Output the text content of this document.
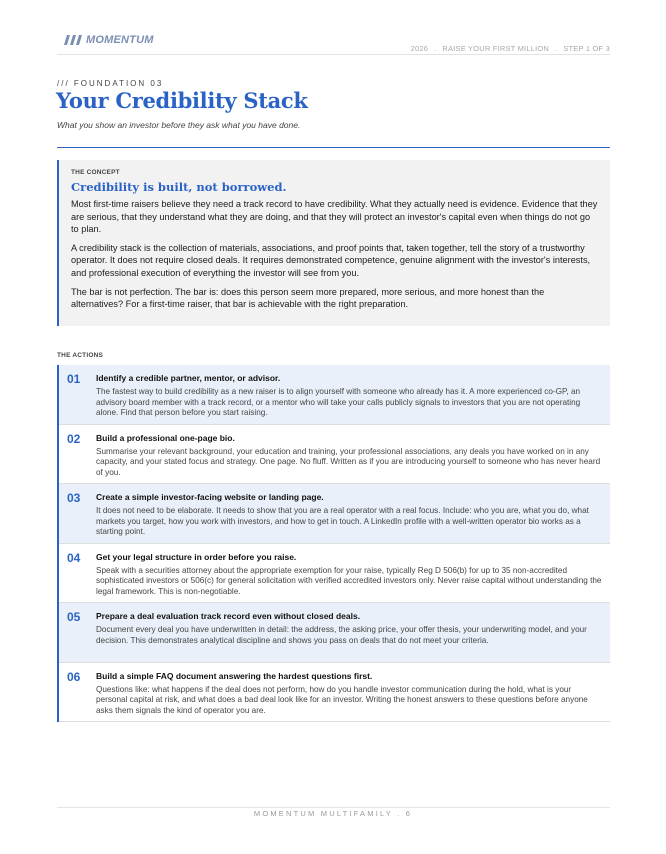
MOMENTUM
2026 . RAISE YOUR FIRST MILLION . STEP 1 OF 3
/// FOUNDATION 03
Your Credibility Stack
What you show an investor before they ask what you have done.
THE CONCEPT
Credibility is built, not borrowed.

Most first-time raisers believe they need a track record to have credibility. What they actually need is evidence. Evidence that they are serious, that they understand what they are doing, and that they will protect an investor's capital even when things do not go to plan.

A credibility stack is the collection of materials, associations, and proof points that, taken together, tell the story of a trustworthy operator. It does not require closed deals. It requires demonstrated competence, genuine alignment with the investor's interests, and professional execution of everything the investor will see from you.

The bar is not perfection. The bar is: does this person seem more prepared, more serious, and more honest than the alternatives? For a first-time raiser, that bar is achievable with the right preparation.

THE ACTIONS
01 Identify a credible partner, mentor, or advisor.
The fastest way to build credibility as a new raiser is to align yourself with someone who already has it. A more experienced co-GP, an advisory board member with a track record, or a mentor who will take your calls publicly signals to investors that you are not operating alone. Find that person before you start raising.
02 Build a professional one-page bio.
Summarise your relevant background, your education and training, your professional associations, any deals you have worked on in any capacity, and your stated focus and strategy. One page. No fluff. Written as if you are introducing yourself to someone who has never heard of you.
03 Create a simple investor-facing website or landing page.
It does not need to be elaborate. It needs to show that you are a real operator with a real focus. Include: who you are, what you do, what markets you target, how you work with investors, and how to get in touch. A LinkedIn profile with a well-written operator bio works as a starting point.
04 Get your legal structure in order before you raise.
Speak with a securities attorney about the appropriate exemption for your raise, typically Reg D 506(b) for up to 35 non-accredited sophisticated investors or 506(c) for general solicitation with verified accredited investors only. Never raise capital without understanding the legal framework. This is non-negotiable.
05 Prepare a deal evaluation track record even without closed deals.
Document every deal you have underwritten in detail: the address, the asking price, your offer thesis, your underwriting model, and your decision. This demonstrates analytical discipline and shows you pass on deals that do not meet your criteria.
06 Build a simple FAQ document answering the hardest questions first.
Questions like: what happens if the deal does not perform, how do you handle investor communication during the hold, what is your personal capital at risk, and what does a bad deal look like for an investor. Writing the honest answers to these questions before anyone asks them signals the kind of operator you are.
MOMENTUM MULTIFAMILY . 6
